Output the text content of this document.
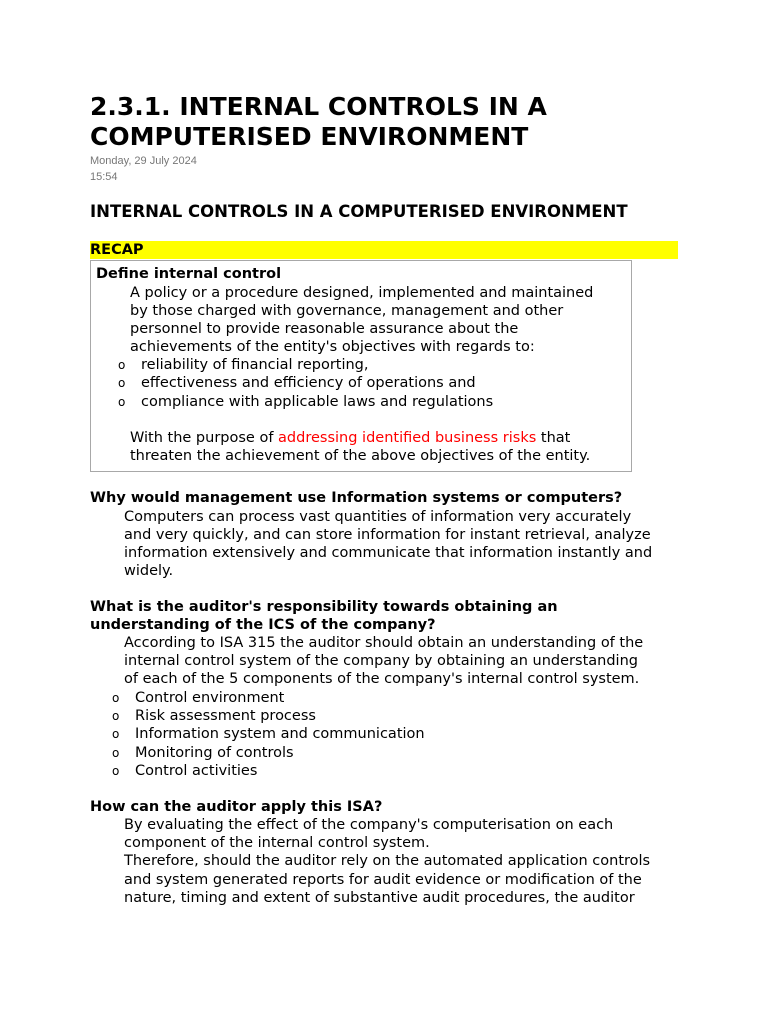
2.3.1. INTERNAL CONTROLS IN A
COMPUTERISED ENVIRONMENT
Monday, 29 July 2024
15:54
INTERNAL CONTROLS IN A COMPUTERISED ENVIRONMENT
RECAP
Define internal control
A policy or a procedure designed, implemented and maintained
by those charged with governance, management and other
personnel to provide reasonable assurance about the
achievements of the entity's objectives with regards to:
o reliability of financial reporting,
o effectiveness and efficiency of operations and
o compliance with applicable laws and regulations
With the purpose of addressing identified business risks that
threaten the achievement of the above objectives of the entity.
Why would management use Information systems or computers?
Computers can process vast quantities of information very accurately
and very quickly, and can store information for instant retrieval, analyze
information extensively and communicate that information instantly and
widely.
What is the auditor's responsibility towards obtaining an
understanding of the ICS of the company?
According to ISA 315 the auditor should obtain an understanding of the
internal control system of the company by obtaining an understanding
of each of the 5 components of the company's internal control system.
o Control environment
o Risk assessment process
o Information system and communication
o Monitoring of controls
o Control activities
How can the auditor apply this ISA?
By evaluating the effect of the company's computerisation on each
component of the internal control system.
Therefore, should the auditor rely on the automated application controls
and system generated reports for audit evidence or modification of the
nature, timing and extent of substantive audit procedures, the auditor
